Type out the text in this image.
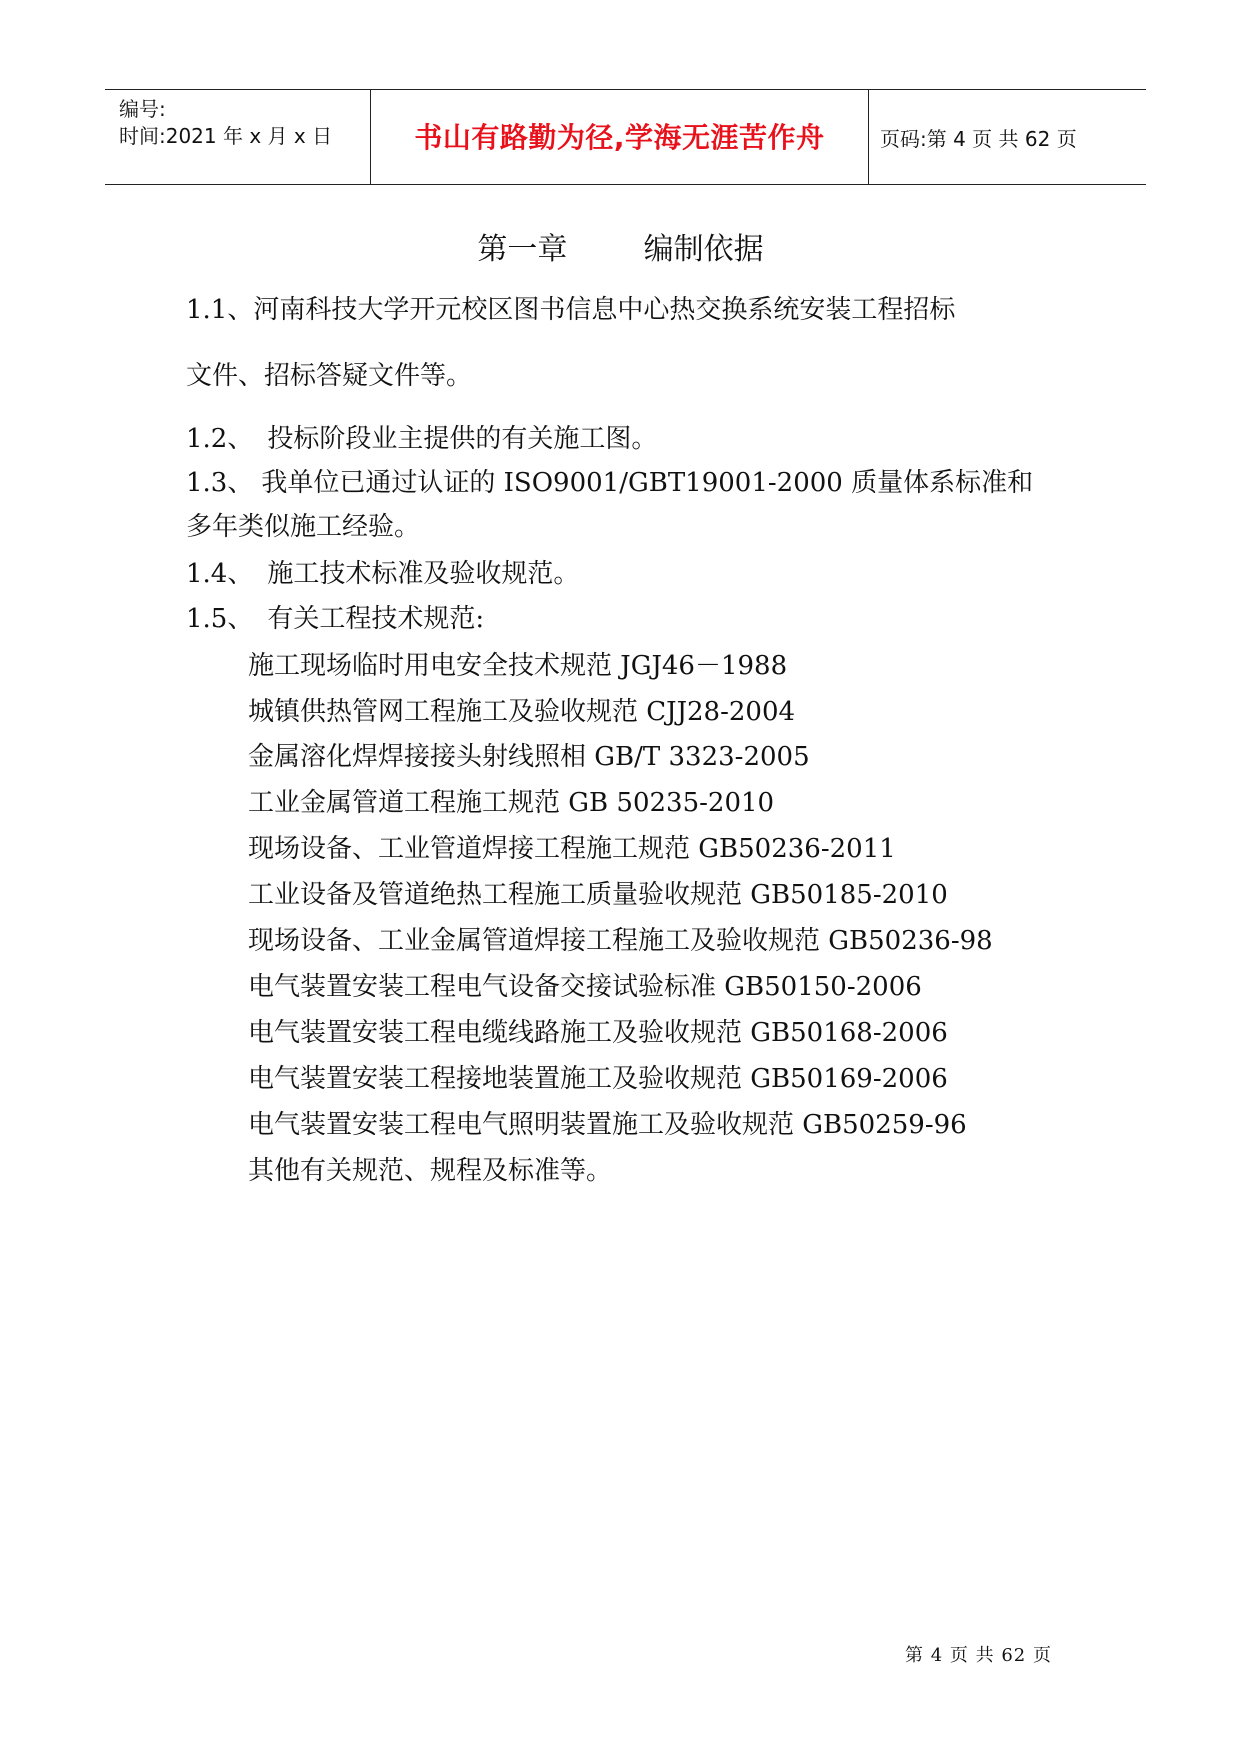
编号:
时间:2021 年 x 月 x 日	书山有路勤为径,学海无涯苦作舟	页码:第 4 页 共 62 页
第一章        编制依据
1.1、河南科技大学开元校区图书信息中心热交换系统安装工程招标
文件、招标答疑文件等。
1.2、 投标阶段业主提供的有关施工图。
1.3、 我单位已通过认证的 ISO9001/GBT19001-2000 质量体系标准和
多年类似施工经验。
1.4、 施工技术标准及验收规范。
1.5、 有关工程技术规范:
施工现场临时用电安全技术规范 JGJ46－1988
城镇供热管网工程施工及验收规范 CJJ28-2004
金属溶化焊焊接接头射线照相 GB/T 3323-2005
工业金属管道工程施工规范 GB 50235-2010
现场设备、工业管道焊接工程施工规范 GB50236-2011
工业设备及管道绝热工程施工质量验收规范 GB50185-2010
现场设备、工业金属管道焊接工程施工及验收规范 GB50236-98
电气装置安装工程电气设备交接试验标准 GB50150-2006
电气装置安装工程电缆线路施工及验收规范 GB50168-2006
电气装置安装工程接地装置施工及验收规范 GB50169-2006
电气装置安装工程电气照明装置施工及验收规范 GB50259-96
其他有关规范、规程及标准等。
第 4 页 共 62 页
